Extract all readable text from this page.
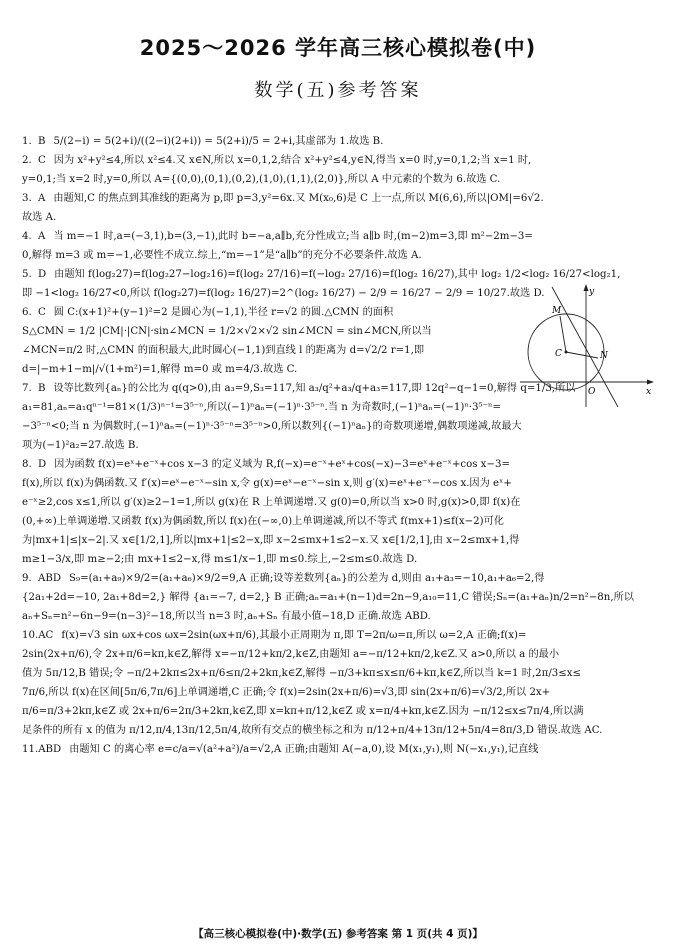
2025～2026 学年高三核心模拟卷(中)
数学(五)参考答案
1. B 5/(2−i) = 5(2+i)/((2−i)(2+i)) = 5(2+i)/5 = 2+i,其虚部为 1.故选 B.
2. C 因为 x²+y²≤4,所以 x²≤4.又 x∈N,所以 x=0,1,2,结合 x²+y²≤4,y∈N,得当 x=0 时,y=0,1,2;当 x=1 时,
y=0,1;当 x=2 时,y=0,所以 A={(0,0),(0,1),(0,2),(1,0),(1,1),(2,0)},所以 A 中元素的个数为 6.故选 C.
3. A 由题知,C 的焦点到其准线的距离为 p,即 p=3,y²=6x.又 M(x₀,6)是 C 上一点,所以 M(6,6),所以|OM|=6√2.
故选 A.
4. A 当 m=−1 时,a=(−3,1),b=(3,−1),此时 b=−a,a∥b,充分性成立;当 a∥b 时,(m−2)m=3,即 m²−2m−3=
0,解得 m=3 或 m=−1,必要性不成立.综上,“m=−1”是“a∥b”的充分不必要条件.故选 A.
5. D 由题知 f(log₂27)=f(log₂27−log₂16)=f(log₂ 27/16)=f(−log₂ 27/16)=f(log₂ 16/27),其中 log₂ 1/2<log₂ 16/27<log₂1,
即 −1<log₂ 16/27<0,所以 f(log₂27)=f(log₂ 16/27)=2^(log₂ 16/27) − 2/9 = 16/27 − 2/9 = 10/27.故选 D.
6. C 圆 C:(x+1)²+(y−1)²=2 是圆心为(−1,1),半径 r=√2 的圆.△CMN 的面积
S△CMN = 1/2 |CM|·|CN|·sin∠MCN = 1/2×√2×√2 sin∠MCN = sin∠MCN,所以当
∠MCN=π/2 时,△CMN 的面积最大,此时圆心(−1,1)到直线 l 的距离为 d=√2/2 r=1,即
d=|−m+1−m|/√(1+m²)=1,解得 m=0 或 m=4/3.故选 C.
7. B 设等比数列{aₙ}的公比为 q(q>0),由 a₃=9,S₃=117,知 a₃/q²+a₃/q+a₃=117,即 12q²−q−1=0,解得 q=1/3,所以
a₁=81,aₙ=a₁qⁿ⁻¹=81×(1/3)ⁿ⁻¹=3⁵⁻ⁿ,所以(−1)ⁿaₙ=(−1)ⁿ·3⁵⁻ⁿ.当 n 为奇数时,(−1)ⁿaₙ=(−1)ⁿ·3⁵⁻ⁿ=
−3⁵⁻ⁿ<0;当 n 为偶数时,(−1)ⁿaₙ=(−1)ⁿ·3⁵⁻ⁿ=3⁵⁻ⁿ>0,所以数列{(−1)ⁿaₙ}的奇数项递增,偶数项递减,故最大
项为(−1)²a₂=27.故选 B.
8. D 因为函数 f(x)=eˣ+e⁻ˣ+cos x−3 的定义域为 R,f(−x)=e⁻ˣ+eˣ+cos(−x)−3=eˣ+e⁻ˣ+cos x−3=
f(x),所以 f(x)为偶函数.又 f′(x)=eˣ−e⁻ˣ−sin x,令 g(x)=eˣ−e⁻ˣ−sin x,则 g′(x)=eˣ+e⁻ˣ−cos x.因为 eˣ+
e⁻ˣ≥2,cos x≤1,所以 g′(x)≥2−1=1,所以 g(x)在 R 上单调递增.又 g(0)=0,所以当 x>0 时,g(x)>0,即 f(x)在
(0,+∞)上单调递增.又函数 f(x)为偶函数,所以 f(x)在(−∞,0)上单调递减,所以不等式 f(mx+1)≤f(x−2)可化
为|mx+1|≤|x−2|.又 x∈[1/2,1],所以|mx+1|≤2−x,即 x−2≤mx+1≤2−x.又 x∈[1/2,1],由 x−2≤mx+1,得
m≥1−3/x,即 m≥−2;由 mx+1≤2−x,得 m≤1/x−1,即 m≤0.综上,−2≤m≤0.故选 D.
9. ABD S₉=(a₁+a₉)×9/2=(a₁+a₆)×9/2=9,A 正确;设等差数列{aₙ}的公差为 d,则由 a₁+a₃=−10,a₁+a₆=2,得
{2a₁+2d=−10, 2a₁+8d=2,} 解得 {a₁=−7, d=2,} B 正确;aₙ=a₁+(n−1)d=2n−9,a₁₀=11,C 错误;Sₙ=(a₁+aₙ)n/2=n²−8n,所以
aₙ+Sₙ=n²−6n−9=(n−3)²−18,所以当 n=3 时,aₙ+Sₙ 有最小值−18,D 正确.故选 ABD.
10.AC f(x)=√3 sin ωx+cos ωx=2sin(ωx+π/6),其最小正周期为 π,即 T=2π/ω=π,所以 ω=2,A 正确;f(x)=
2sin(2x+π/6),令 2x+π/6=kπ,k∈Z,解得 x=−π/12+kπ/2,k∈Z,由题知 a=−π/12+kπ/2,k∈Z.又 a>0,所以 a 的最小
值为 5π/12,B 错误;令 −π/2+2kπ≤2x+π/6≤π/2+2kπ,k∈Z,解得 −π/3+kπ≤x≤π/6+kπ,k∈Z,所以当 k=1 时,2π/3≤x≤
7π/6,所以 f(x)在区间[5π/6,7π/6]上单调递增,C 正确;令 f(x)=2sin(2x+π/6)=√3,即 sin(2x+π/6)=√3/2,所以 2x+
π/6=π/3+2kπ,k∈Z 或 2x+π/6=2π/3+2kπ,k∈Z,即 x=kπ+π/12,k∈Z 或 x=π/4+kπ,k∈Z.因为 −π/12≤x≤7π/4,所以满
足条件的所有 x 的值为 π/12,π/4,13π/12,5π/4,故所有交点的横坐标之和为 π/12+π/4+13π/12+5π/4=8π/3,D 错误.故选 AC.
11.ABD 由题知 C 的离心率 e=c/a=√(a²+a²)/a=√2,A 正确;由题知 A(−a,0),设 M(x₁,y₁),则 N(−x₁,y₁),记直线
y
x
O
C
M
N
【高三核心模拟卷(中)·数学(五) 参考答案 第 1 页(共 4 页)】
